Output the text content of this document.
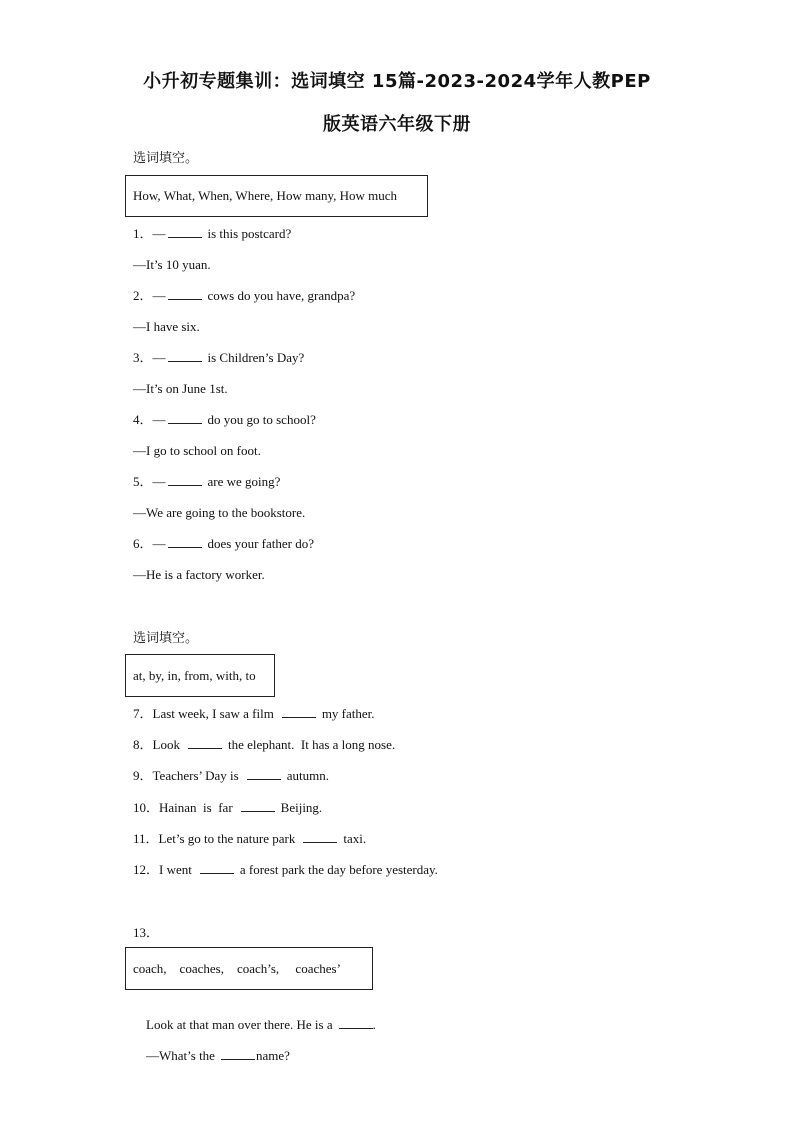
小升初专题集训：选词填空 15篇-2023-2024学年人教PEP
版英语六年级下册
选词填空。
How, What, When, Where, How many, How much
1．—	is this postcard?
—It’s 10 yuan.
2．—	cows do you have, grandpa?
—I have six.
3．—	is Children’s Day?
—It’s on June 1st.
4．—	do you go to school?
—I go to school on foot.
5．—	are we going?
—We are going to the bookstore.
6．—	does your father do?
—He is a factory worker.
选词填空。
at, by, in, from, with, to
7．Last week, I saw a film	my father.
8．Look	the elephant.  It has a long nose.
9．Teachers’ Day is	autumn.
10．Hainan  is  far	Beijing.
11．Let’s go to the nature park	taxi.
12．I went	a forest park the day before yesterday.
13．
coach,    coaches,    coach’s,     coaches’

Look at that man over there. He is a	.

—What’s the	name?
